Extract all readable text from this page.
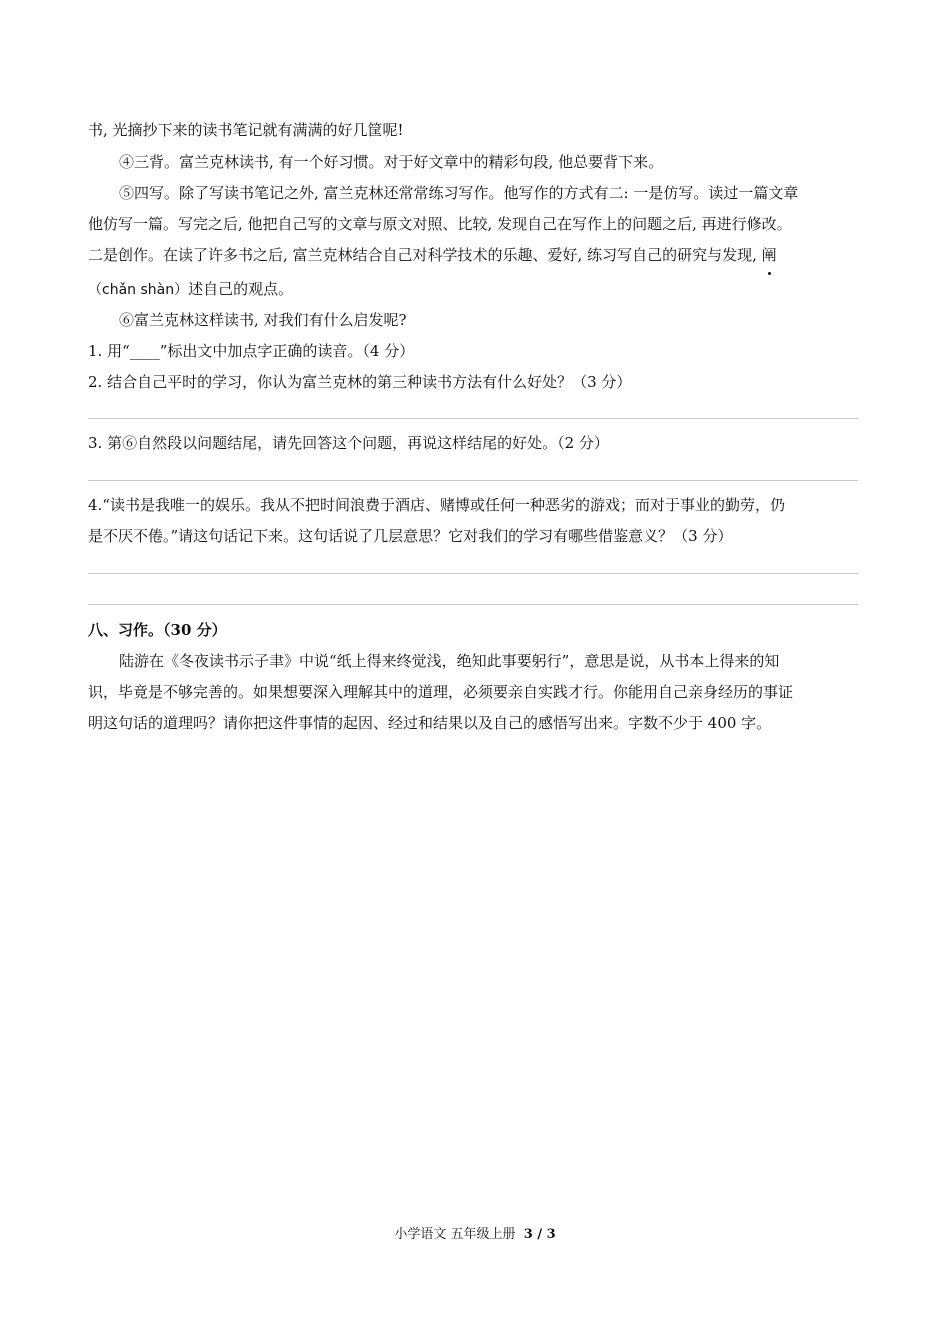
书, 光摘抄下来的读书笔记就有满满的好几筐呢!

④三背。富兰克林读书, 有一个好习惯。对于好文章中的精彩句段, 他总要背下来。

⑤四写。除了写读书笔记之外, 富兰克林还常常练习写作。他写作的方式有二: 一是仿写。读过一篇文章

他仿写一篇。写完之后, 他把自己写的文章与原文对照、比较, 发现自己在写作上的问题之后, 再进行修改。

二是创作。在读了许多书之后, 富兰克林结合自己对科学技术的乐趣、爱好, 练习写自己的研究与发现, 阐

（chǎn shàn）述自己的观点。

⑥富兰克林这样读书, 对我们有什么启发呢?

1. 用“____”标出文中加点字正确的读音。（4 分）

2. 结合自己平时的学习，你认为富兰克林的第三种读书方法有什么好处？（3 分）

3. 第⑥自然段以问题结尾，请先回答这个问题，再说这样结尾的好处。（2 分）

4.“读书是我唯一的娱乐。我从不把时间浪费于酒店、赌博或任何一种恶劣的游戏；而对于事业的勤劳，仍

是不厌不倦。”请这句话记下来。这句话说了几层意思？它对我们的学习有哪些借鉴意义？（3 分）

八、习作。（30 分）

陆游在《冬夜读书示子聿》中说“纸上得来终觉浅，绝知此事要躬行”，意思是说，从书本上得来的知

识，毕竟是不够完善的。如果想要深入理解其中的道理，必须要亲自实践才行。你能用自己亲身经历的事证

明这句话的道理吗？请你把这件事情的起因、经过和结果以及自己的感悟写出来。字数不少于 400 字。

小学语文 五年级上册 3 / 3
